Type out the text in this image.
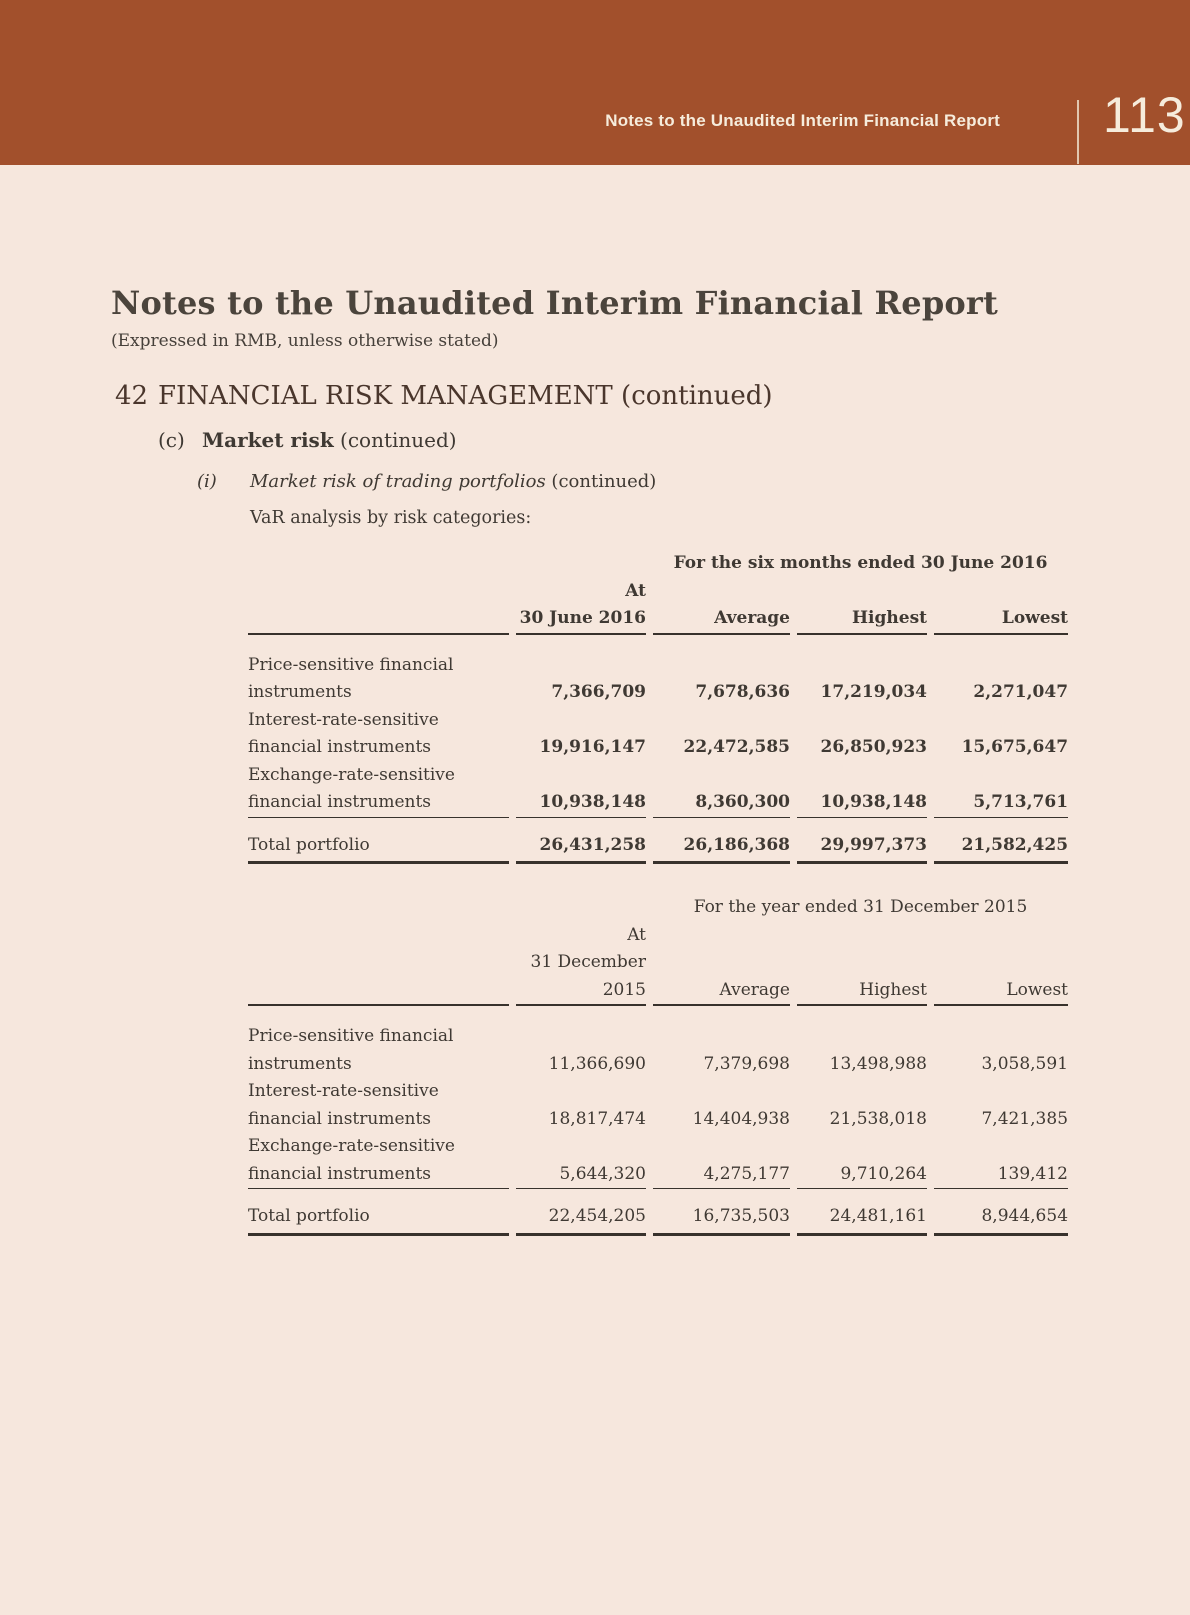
Notes to the Unaudited Interim Financial Report 113
Notes to the Unaudited Interim Financial Report
(Expressed in RMB, unless otherwise stated)
42 FINANCIAL RISK MANAGEMENT (continued)
(c) Market risk (continued)
(i) Market risk of trading portfolios (continued)
VaR analysis by risk categories:
		For the six months ended 30 June 2016		
	At			
	30 June 2016	Average	Highest	Lowest

Price-sensitive financial				
instruments	7,366,709	7,678,636	17,219,034	2,271,047
Interest-rate-sensitive				
financial instruments	19,916,147	22,472,585	26,850,923	15,675,647
Exchange-rate-sensitive				
financial instruments	10,938,148	8,360,300	10,938,148	5,713,761
Total portfolio	26,431,258	26,186,368	29,997,373	21,582,425
		For the year ended 31 December 2015		
	At			
	31 December			
	2015	Average	Highest	Lowest

Price-sensitive financial				
instruments	11,366,690	7,379,698	13,498,988	3,058,591
Interest-rate-sensitive				
financial instruments	18,817,474	14,404,938	21,538,018	7,421,385
Exchange-rate-sensitive				
financial instruments	5,644,320	4,275,177	9,710,264	139,412
Total portfolio	22,454,205	16,735,503	24,481,161	8,944,654
